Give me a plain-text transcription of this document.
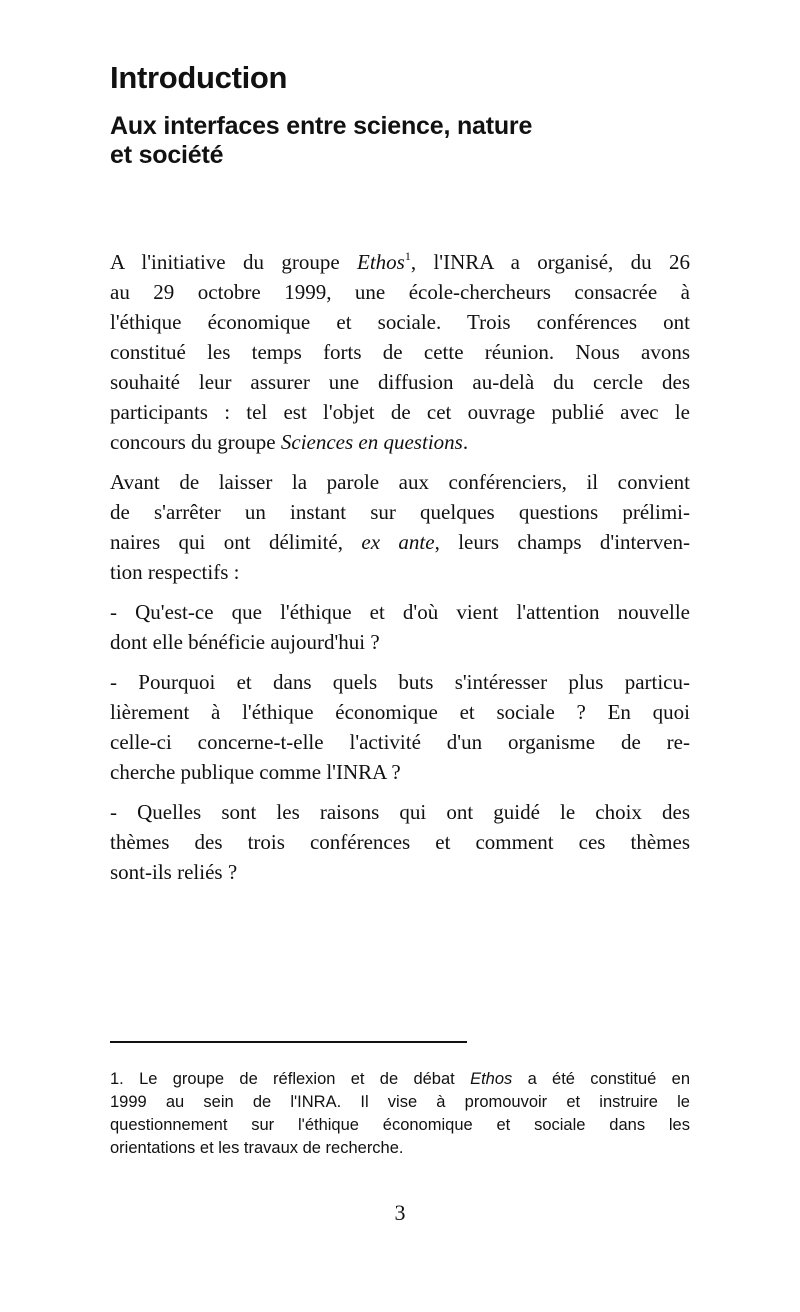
Introduction
Aux interfaces entre science, nature
et société
A l'initiative du groupe Ethos$^1$, l'INRA a organisé, du 26
au 29 octobre 1999, une école-chercheurs consacrée à
l'éthique économique et sociale. Trois conférences ont
constitué les temps forts de cette réunion. Nous avons
souhaité leur assurer une diffusion au-delà du cercle des
participants : tel est l'objet de cet ouvrage publié avec le
concours du groupe Sciences en questions.
Avant de laisser la parole aux conférenciers, il convient
de s'arrêter un instant sur quelques questions prélimi-
naires qui ont délimité, ex ante, leurs champs d'interven-
tion respectifs :
- Qu'est-ce que l'éthique et d'où vient l'attention nouvelle
dont elle bénéficie aujourd'hui ?
- Pourquoi et dans quels buts s'intéresser plus particu-
lièrement à l'éthique économique et sociale ? En quoi
celle-ci concerne-t-elle l'activité d'un organisme de re-
cherche publique comme l'INRA ?
- Quelles sont les raisons qui ont guidé le choix des
thèmes des trois conférences et comment ces thèmes
sont-ils reliés ?
1. Le groupe de réflexion et de débat Ethos a été constitué en
1999 au sein de l'INRA. Il vise à promouvoir et instruire le
questionnement sur l'éthique économique et sociale dans les
orientations et les travaux de recherche.
3
